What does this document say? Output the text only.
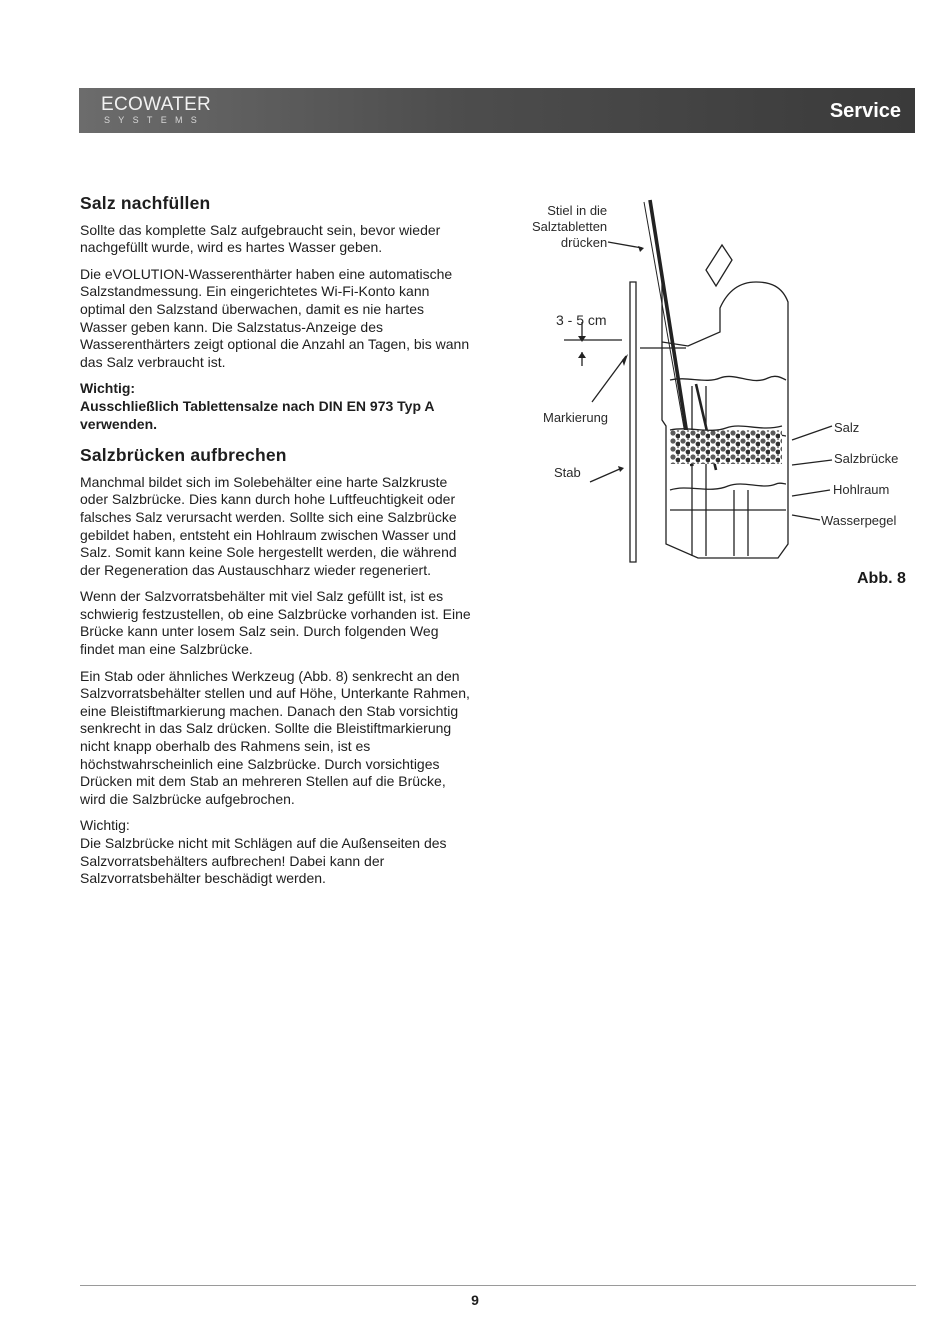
ECOWATER
SYSTEMS	Service
Salz nachfüllen

Sollte das komplette Salz aufgebraucht sein, bevor wieder nachgefüllt wurde, wird es hartes Wasser geben.

Die eVOLUTION-Wasserenthärter haben eine automatische Salzstandmessung. Ein eingerichtetes Wi-Fi-Konto kann optimal den Salzstand überwachen, damit es nie hartes Wasser geben kann. Die Salzstatus-Anzeige des Wasserenthärters zeigt optional die Anzahl an Tagen, bis wann das Salz verbraucht ist.

Wichtig:

Ausschließlich Tablettensalze nach DIN EN 973 Typ A verwenden.

Salzbrücken aufbrechen

Manchmal bildet sich im Solebehälter eine harte Salzkruste oder Salzbrücke. Dies kann durch hohe Luftfeuchtigkeit oder falsches Salz verursacht werden. Sollte sich eine Salzbrücke gebildet haben, entsteht ein Hohlraum zwischen Wasser und Salz. Somit kann keine Sole hergestellt werden, die während der Regeneration das Austauschharz wieder regeneriert.

Wenn der Salzvorratsbehälter mit viel Salz gefüllt ist, ist es schwierig festzustellen, ob eine Salzbrücke vorhanden ist. Eine Brücke kann unter losem Salz sein. Durch folgenden Weg findet man eine Salzbrücke.

Ein Stab oder ähnliches Werkzeug (Abb. 8) senkrecht an den Salzvorratsbehälter stellen und auf Höhe, Unterkante Rahmen, eine Bleistiftmarkierung machen. Danach den Stab vorsichtig senkrecht in das Salz drücken. Sollte die Bleistiftmarkierung nicht knapp oberhalb des Rahmens sein, ist es höchstwahrscheinlich eine Salzbrücke. Durch vorsichtiges Drücken mit dem Stab an mehreren Stellen auf die Brücke, wird die Salzbrücke aufgebrochen.

Wichtig:

Die Salzbrücke nicht mit Schlägen auf die Außenseiten des Salzvorratsbehälters aufbrechen! Dabei kann der Salzvorratsbehälter beschädigt werden.

Stiel in die
Salztabletten
drücken
3 - 5 cm
Markierung
Stab
Salz
Salzbrücke
Hohlraum
Wasserpegel
Abb. 8
9
